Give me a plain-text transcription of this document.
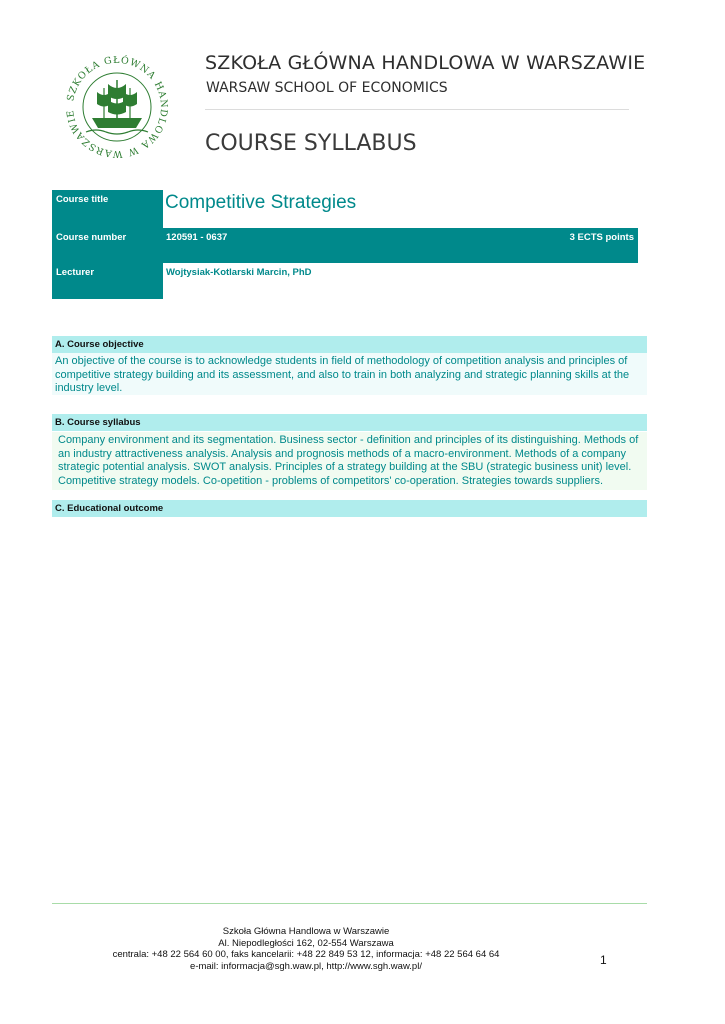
SZKOŁA GŁÓWNA HANDLOWA W WARSZAWIE
SZKOŁA GŁÓWNA HANDLOWA W WARSZAWIE
WARSAW SCHOOL OF ECONOMICS
COURSE SYLLABUS
Course title	Competitive Strategies
Course number	120591 - 0637	3 ECTS points
Lecturer	Wojtysiak-Kotlarski Marcin, PhD
A. Course objective
An objective of the course is to acknowledge students in field of methodology of competition analysis and principles of competitive strategy building and its assessment, and also to train in both analyzing and strategic planning skills at the industry level.
B. Course syllabus
Company environment and its segmentation. Business sector - definition and principles of its distinguishing. Methods of an industry attractiveness analysis. Analysis and prognosis methods of a macro-environment. Methods of a company strategic potential analysis. SWOT analysis. Principles of a strategy building at the SBU (strategic business unit) level. Competitive strategy models. Co-opetition - problems of competitors' co-operation. Strategies towards suppliers.
C. Educational outcome
Szkoła Główna Handlowa w Warszawie
Al. Niepodległości 162, 02-554 Warszawa
centrala: +48 22 564 60 00, faks kancelarii: +48 22 849 53 12, informacja: +48 22 564 64 64
e-mail: informacja@sgh.waw.pl, http://www.sgh.waw.pl/	1
